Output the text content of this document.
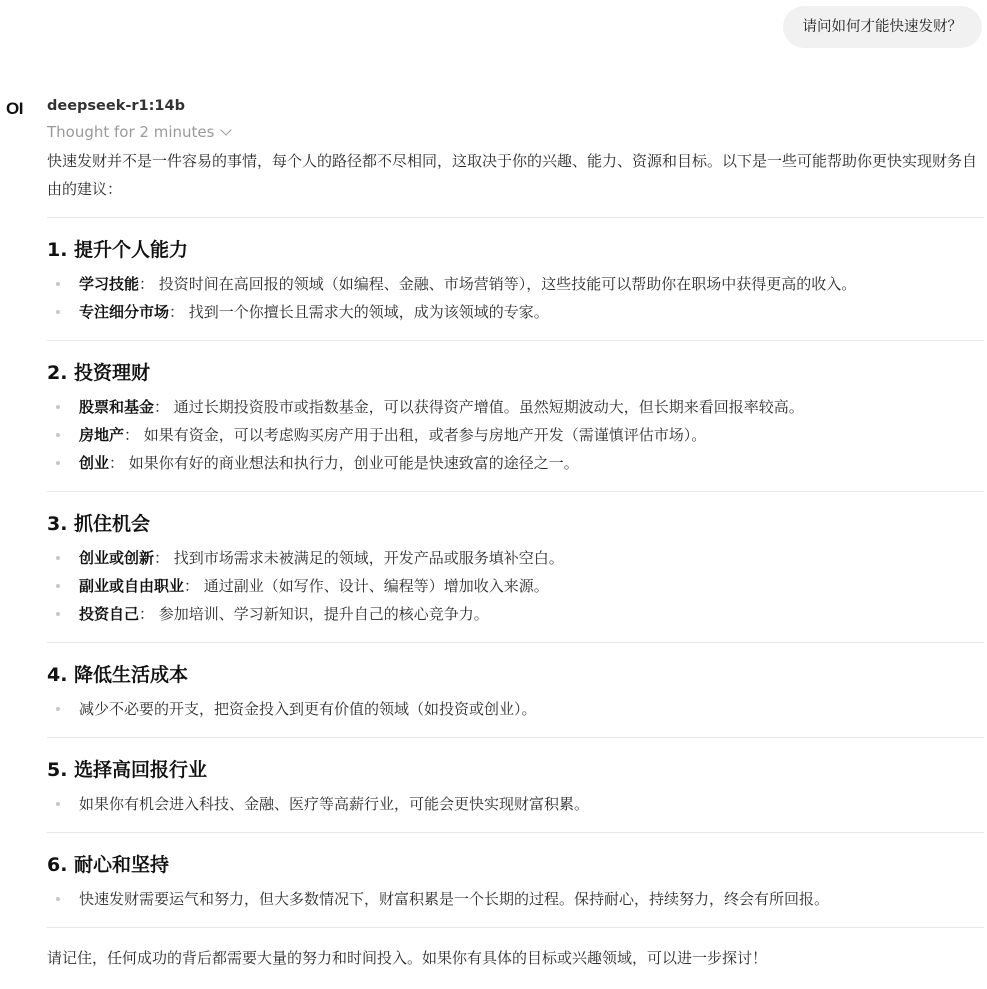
请问如何才能快速发财？
OI deepseek-r1:14b
Thought for 2 minutes
快速发财并不是一件容易的事情，每个人的路径都不尽相同，这取决于你的兴趣、能力、资源和目标。以下是一些可能帮助你更快实现财务自由的建议：
1. 提升个人能力
学习技能： 投资时间在高回报的领域（如编程、金融、市场营销等），这些技能可以帮助你在职场中获得更高的收入。
专注细分市场： 找到一个你擅长且需求大的领域，成为该领域的专家。
2. 投资理财
股票和基金： 通过长期投资股市或指数基金，可以获得资产增值。虽然短期波动大，但长期来看回报率较高。
房地产： 如果有资金，可以考虑购买房产用于出租，或者参与房地产开发（需谨慎评估市场）。
创业： 如果你有好的商业想法和执行力，创业可能是快速致富的途径之一。
3. 抓住机会
创业或创新： 找到市场需求未被满足的领域，开发产品或服务填补空白。
副业或自由职业： 通过副业（如写作、设计、编程等）增加收入来源。
投资自己： 参加培训、学习新知识，提升自己的核心竞争力。
4. 降低生活成本
减少不必要的开支，把资金投入到更有价值的领域（如投资或创业）。
5. 选择高回报行业
如果你有机会进入科技、金融、医疗等高薪行业，可能会更快实现财富积累。
6. 耐心和坚持
快速发财需要运气和努力，但大多数情况下，财富积累是一个长期的过程。保持耐心，持续努力，终会有所回报。
请记住，任何成功的背后都需要大量的努力和时间投入。如果你有具体的目标或兴趣领域，可以进一步探讨！
